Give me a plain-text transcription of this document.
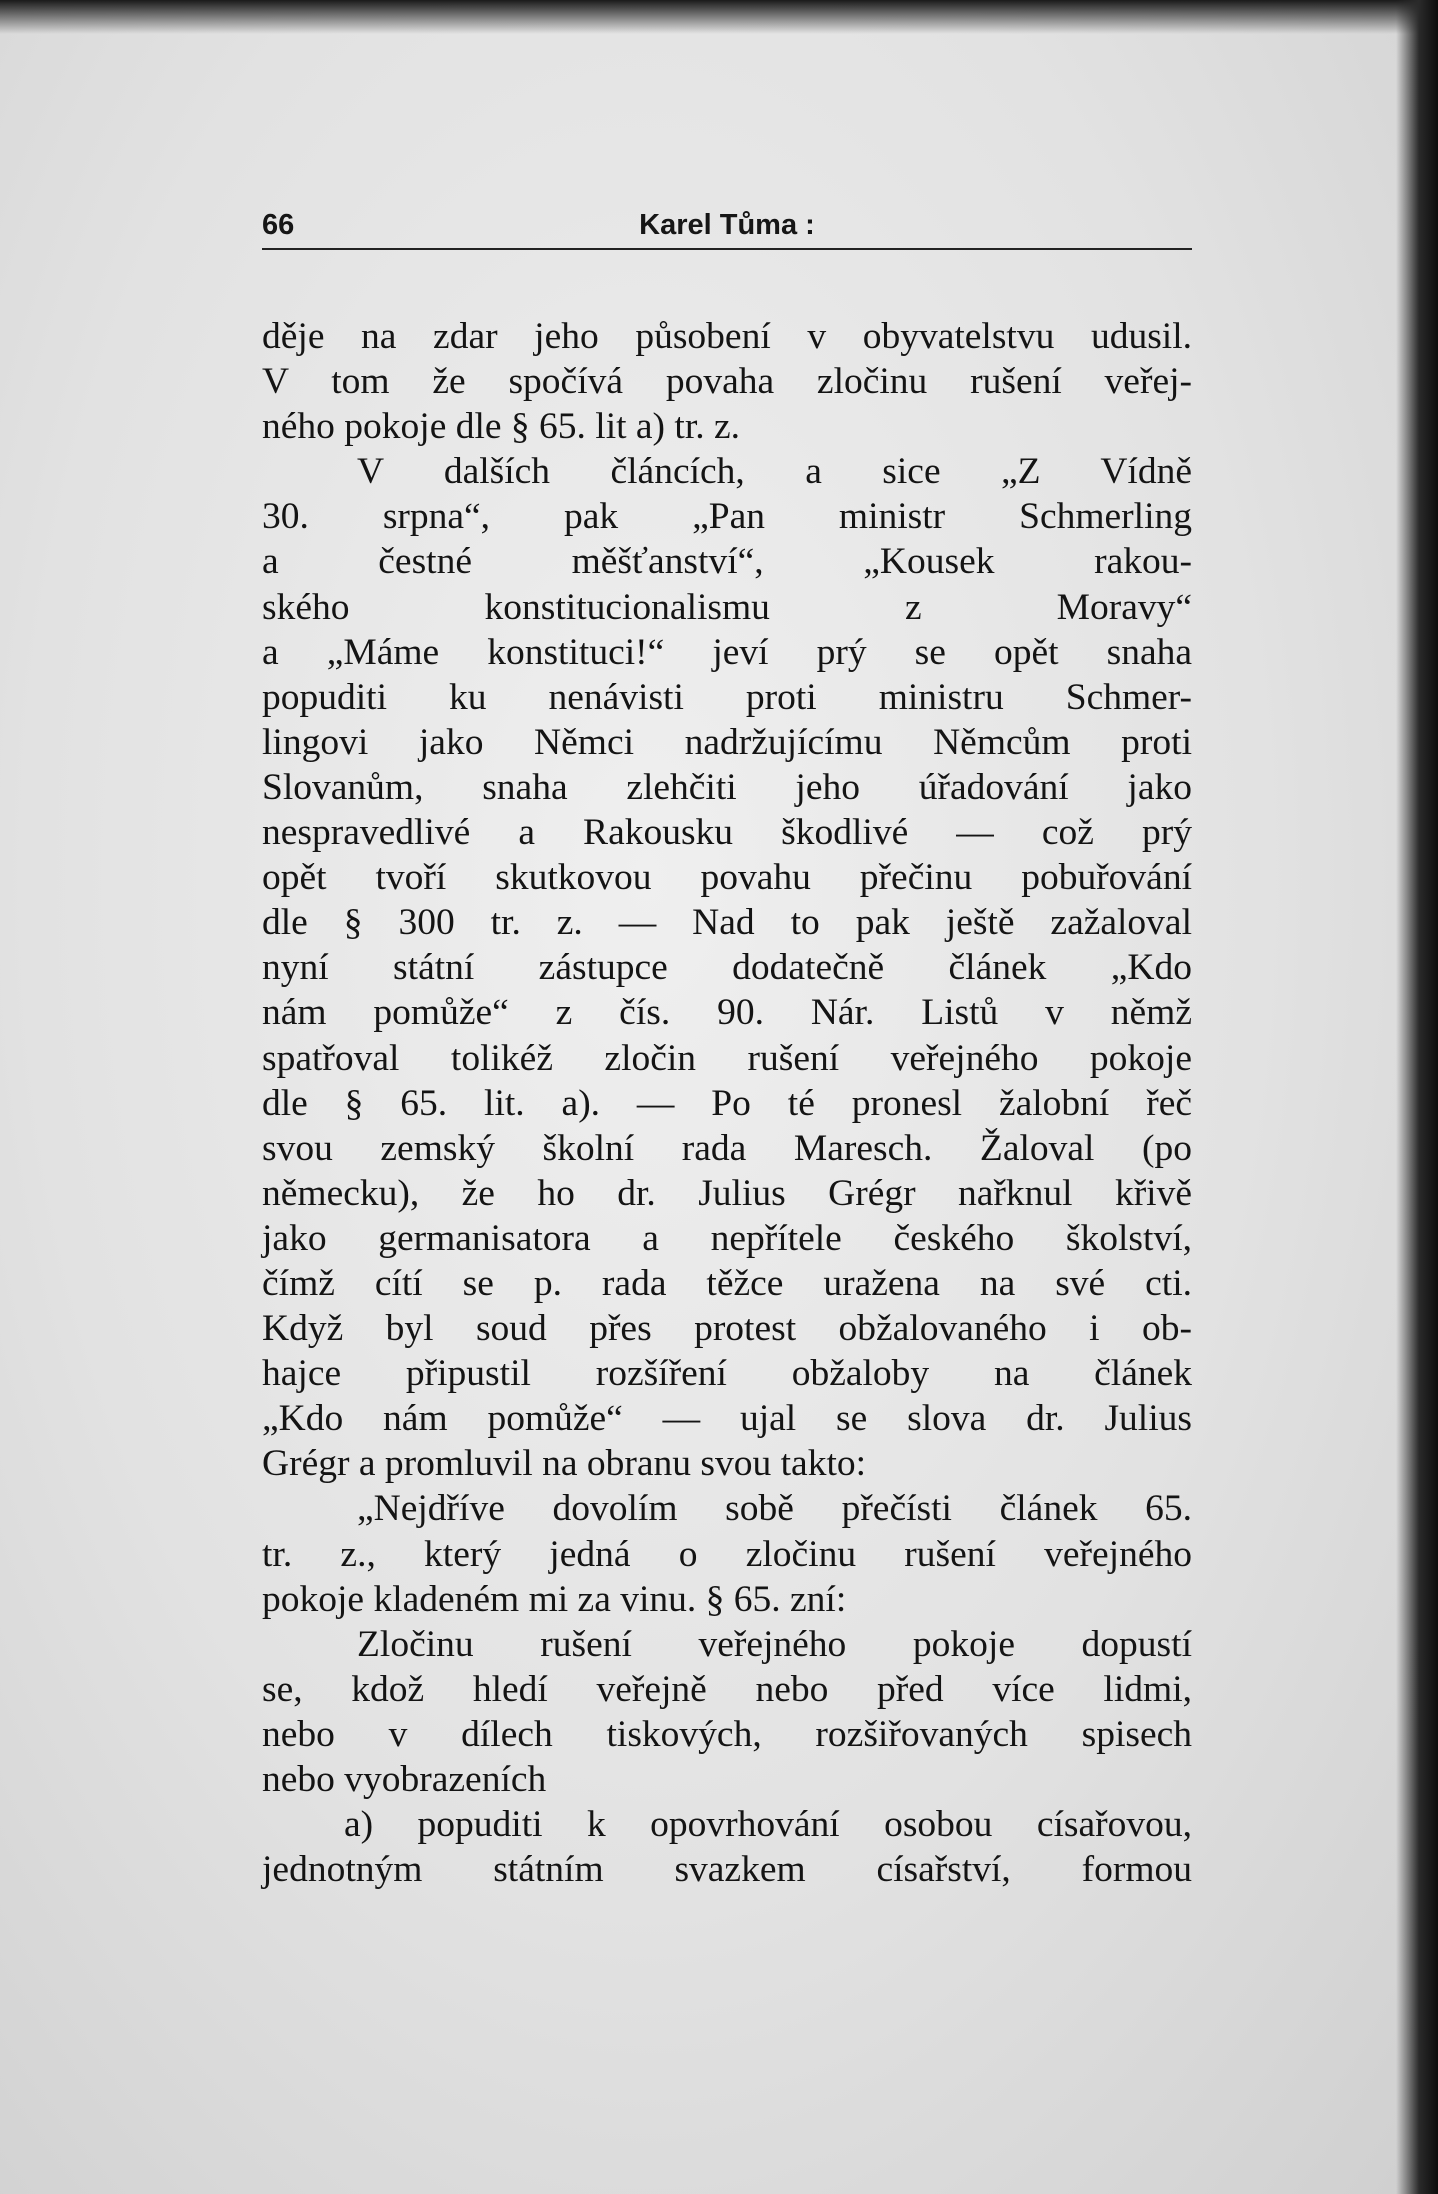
66	Karel Tůma :
děje na zdar jeho působení v obyvatelstvu udusil.
V tom že spočívá povaha zločinu rušení veřej-
ného pokoje dle § 65. lit a) tr. z.
V dalších článcích, a sice „Z Vídně
30. srpna“, pak „Pan ministr Schmerling
a čestné měšťanství“, „Kousek rakou-
ského konstitucionalismu z Moravy“
a „Máme konstituci!“ jeví prý se opět snaha
popuditi ku nenávisti proti ministru Schmer-
lingovi jako Němci nadržujícímu Němcům proti
Slovanům, snaha zlehčiti jeho úřadování jako
nespravedlivé a Rakousku škodlivé — což prý
opět tvoří skutkovou povahu přečinu pobuřování
dle § 300 tr. z. — Nad to pak ještě zažaloval
nyní státní zástupce dodatečně článek „Kdo
nám pomůže“ z čís. 90. Nár. Listů v němž
spatřoval tolikéž zločin rušení veřejného pokoje
dle § 65. lit. a). — Po té pronesl žalobní řeč
svou zemský školní rada Maresch. Žaloval (po
německu), že ho dr. Julius Grégr nařknul křivě
jako germanisatora a nepřítele českého školství,
čímž cítí se p. rada těžce uražena na své cti.
Když byl soud přes protest obžalovaného i ob-
hajce připustil rozšíření obžaloby na článek
„Kdo nám pomůže“ — ujal se slova dr. Julius
Grégr a promluvil na obranu svou takto:
„Nejdříve dovolím sobě přečísti článek 65.
tr. z., který jedná o zločinu rušení veřejného
pokoje kladeném mi za vinu. § 65. zní:
Zločinu rušení veřejného pokoje dopustí
se, kdož hledí veřejně nebo před více lidmi,
nebo v dílech tiskových, rozšiřovaných spisech
nebo vyobrazeních
a) popuditi k opovrhování osobou císařovou,
jednotným státním svazkem císařství, formou
